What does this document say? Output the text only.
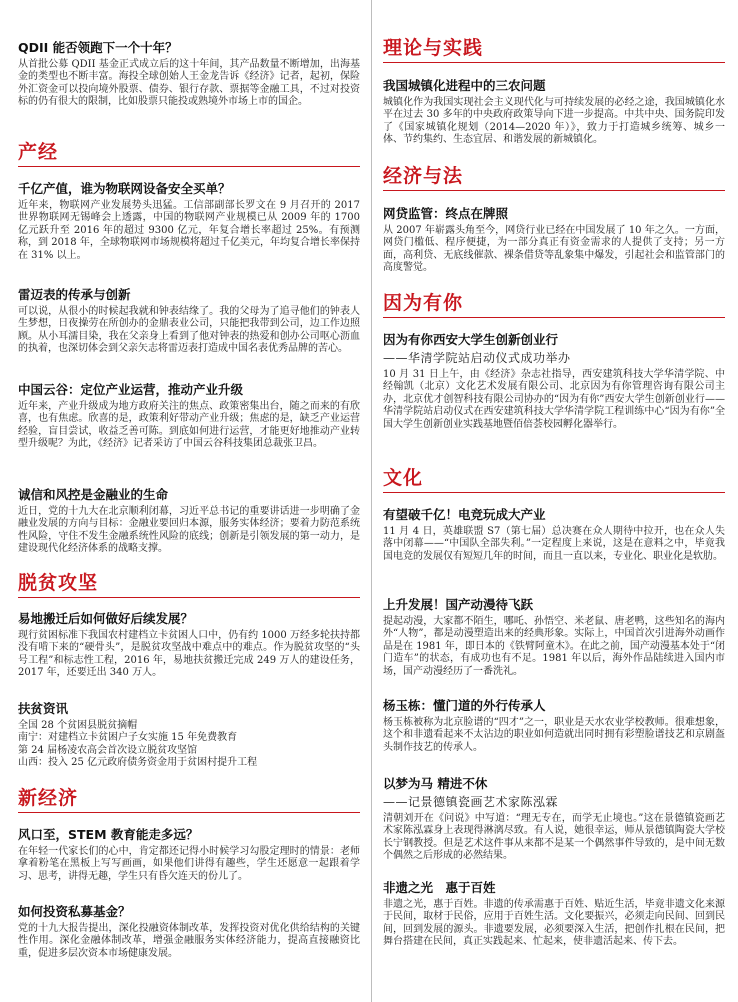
QDII 能否领跑下一个十年？

从首批公募 QDII 基金正式成立后的这十年间，其产品数量不断增加，出海基金的类型也不断丰富。海投全球创始人王金龙告诉《经济》记者，起初，保险外汇资金可以投向境外股票、债券、银行存款、票据等金融工具，不过对投资标的仍有很大的限制，比如股票只能投或熟境外市场上市的国企。

产经
千亿产值，谁为物联网设备安全买单？

近年来，物联网产业发展势头迅猛。工信部副部长罗文在 9 月召开的 2017 世界物联网无锡峰会上透露，中国的物联网产业规模已从 2009 年的 1700 亿元跃升至 2016 年的超过 9300 亿元，年复合增长率超过 25%。有预测称，到 2018 年，全球物联网市场规模将超过千亿美元，年均复合增长率保持在 31% 以上。

雷迈表的传承与创新

可以说，从很小的时候起我就和钟表结缘了。我的父母为了追寻他们的钟表人生梦想，日夜操劳在所创办的金鼎表业公司，只能把我带到公司，边工作边照顾。从小耳濡目染，我在父亲身上看到了他对钟表的热爱和创办公司呕心沥血的执着，也深切体会到父亲矢志将雷迈表打造成中国名表优秀品牌的苦心。

中国云谷：定位产业运营，推动产业升级

近年来，产业升级成为地方政府关注的焦点、政策密集出台，随之而来的有欣喜，也有焦虑。欣喜的是，政策利好带动产业升级；焦虑的是，缺乏产业运营经验，盲目尝试，收益乏善可陈。到底如何进行运营，才能更好地推动产业转型升级呢？为此，《经济》记者采访了中国云谷科技集团总裁张卫昌。

诚信和风控是金融业的生命

近日，党的十九大在北京顺利闭幕，习近平总书记的重要讲话进一步明确了金融业发展的方向与目标：金融业要回归本源，服务实体经济；要着力防范系统性风险，守住不发生金融系统性风险的底线；创新是引领发展的第一动力，是建设现代化经济体系的战略支撑。

脱贫攻坚
易地搬迁后如何做好后续发展？

现行贫困标准下我国农村建档立卡贫困人口中，仍有约 1000 万经多轮扶持都没有啃下来的“硬骨头”，是脱贫攻坚战中难点中的难点。作为脱贫攻坚的“头号工程”和标志性工程，2016 年，易地扶贫搬迁完成 249 万人的建设任务，2017 年，还要迁出 340 万人。

扶贫资讯
全国 28 个贫困县脱贫摘帽
南宁：对建档立卡贫困户子女实施 15 年免费教育
第 24 届杨凌农高会首次设立脱贫攻坚馆
山西：投入 25 亿元政府债务资金用于贫困村提升工程
新经济
风口至，STEM 教育能走多远？

在年轻一代家长们的心中，肯定都还记得小时候学习勾股定理时的情景：老师拿着粉笔在黑板上写写画画，如果他们讲得有趣些，学生还愿意一起跟着学习、思考，讲得无趣，学生只有昏欠连天的份儿了。

如何投资私募基金？

党的十九大报告提出，深化投融资体制改革，发挥投资对优化供给结构的关键性作用。深化金融体制改革，增强金融服务实体经济能力，提高直接融资比重，促进多层次资本市场健康发展。

理论与实践
我国城镇化进程中的三农问题

城镇化作为我国实现社会主义现代化与可持续发展的必经之途，我国城镇化水平在过去 30 多年的中央政府政策导向下进一步提高。中共中央、国务院印发了《国家城镇化规划（2014—2020 年）》，致力于打造城乡统筹、城乡一体、节约集约、生态宜居、和谐发展的新城镇化。

经济与法
网贷监管：终点在牌照

从 2007 年崭露头角至今，网贷行业已经在中国发展了 10 年之久。一方面，网贷门槛低、程序便捷，为一部分真正有资金需求的人提供了支持；另一方面，高利贷、无底线催款、裸条借贷等乱象集中爆发，引起社会和监管部门的高度警觉。

因为有你
因为有你西安大学生创新创业行
——华清学院站启动仪式成功举办

10 月 31 日上午，由《经济》杂志社指导，西安建筑科技大学华清学院、中经翰凯（北京）文化艺术发展有限公司、北京因为有你管理咨询有限公司主办，北京优才创智科技有限公司协办的“因为有你”西安大学生创新创业行——华清学院站启动仪式在西安建筑科技大学华清学院工程训练中心“因为有你”全国大学生创新创业实践基地暨佰倍荟校园孵化器举行。

文化
有望破千亿！电竞玩成大产业

11 月 4 日，英雄联盟 S7（第七届）总决赛在众人期待中拉开，也在众人失落中闭幕——“中国队全部失利。”一定程度上来说，这是在意料之中，毕竟我国电竞的发展仅有短短几年的时间，而且一直以来，专业化、职业化是软肋。

上升发展！国产动漫待飞跃

提起动漫，大家都不陌生，哪吒、孙悟空、米老鼠、唐老鸭，这些知名的海内外“人物”，都是动漫塑造出来的经典形象。实际上，中国首次引进海外动画作品是在 1981 年，即日本的《铁臂阿童木》。在此之前，国产动漫基本处于“闭门造车”的状态，有成功也有不足。1981 年以后，海外作品陆续进入国内市场，国产动漫经历了一番洗礼。

杨玉栋：懂门道的外行传承人

杨玉栋被称为北京脸谱的“四才”之一，职业是天水农业学校教师。很难想象，这个和非遗看起来不太沾边的职业如何造就出同时拥有彩塑脸谱技艺和京剧盔头制作技艺的传承人。

以梦为马 精进不休
——记景德镇瓷画艺术家陈泓霖

清朝刘开在《问说》中写道：“理无专在，而学无止境也。”这在景德镇瓷画艺术家陈泓霖身上表现得淋漓尽致。有人说，她很幸运，师从景德镇陶瓷大学校长宁钢教授。但是艺术这件事从来都不是某一个偶然事件导致的，是中间无数个偶然之后形成的必然结果。

非遗之光　惠于百姓

非遗之光，惠于百姓。非遗的传承需惠于百姓、贴近生活，毕竟非遗文化来源于民间，取材于民俗，应用于百姓生活。文化要振兴，必须走向民间、回到民间，回到发展的源头。非遗要发展，必须要深入生活，把创作扎根在民间，把舞台搭建在民间，真正实践起来、忙起来，使非遗活起来、传下去。
